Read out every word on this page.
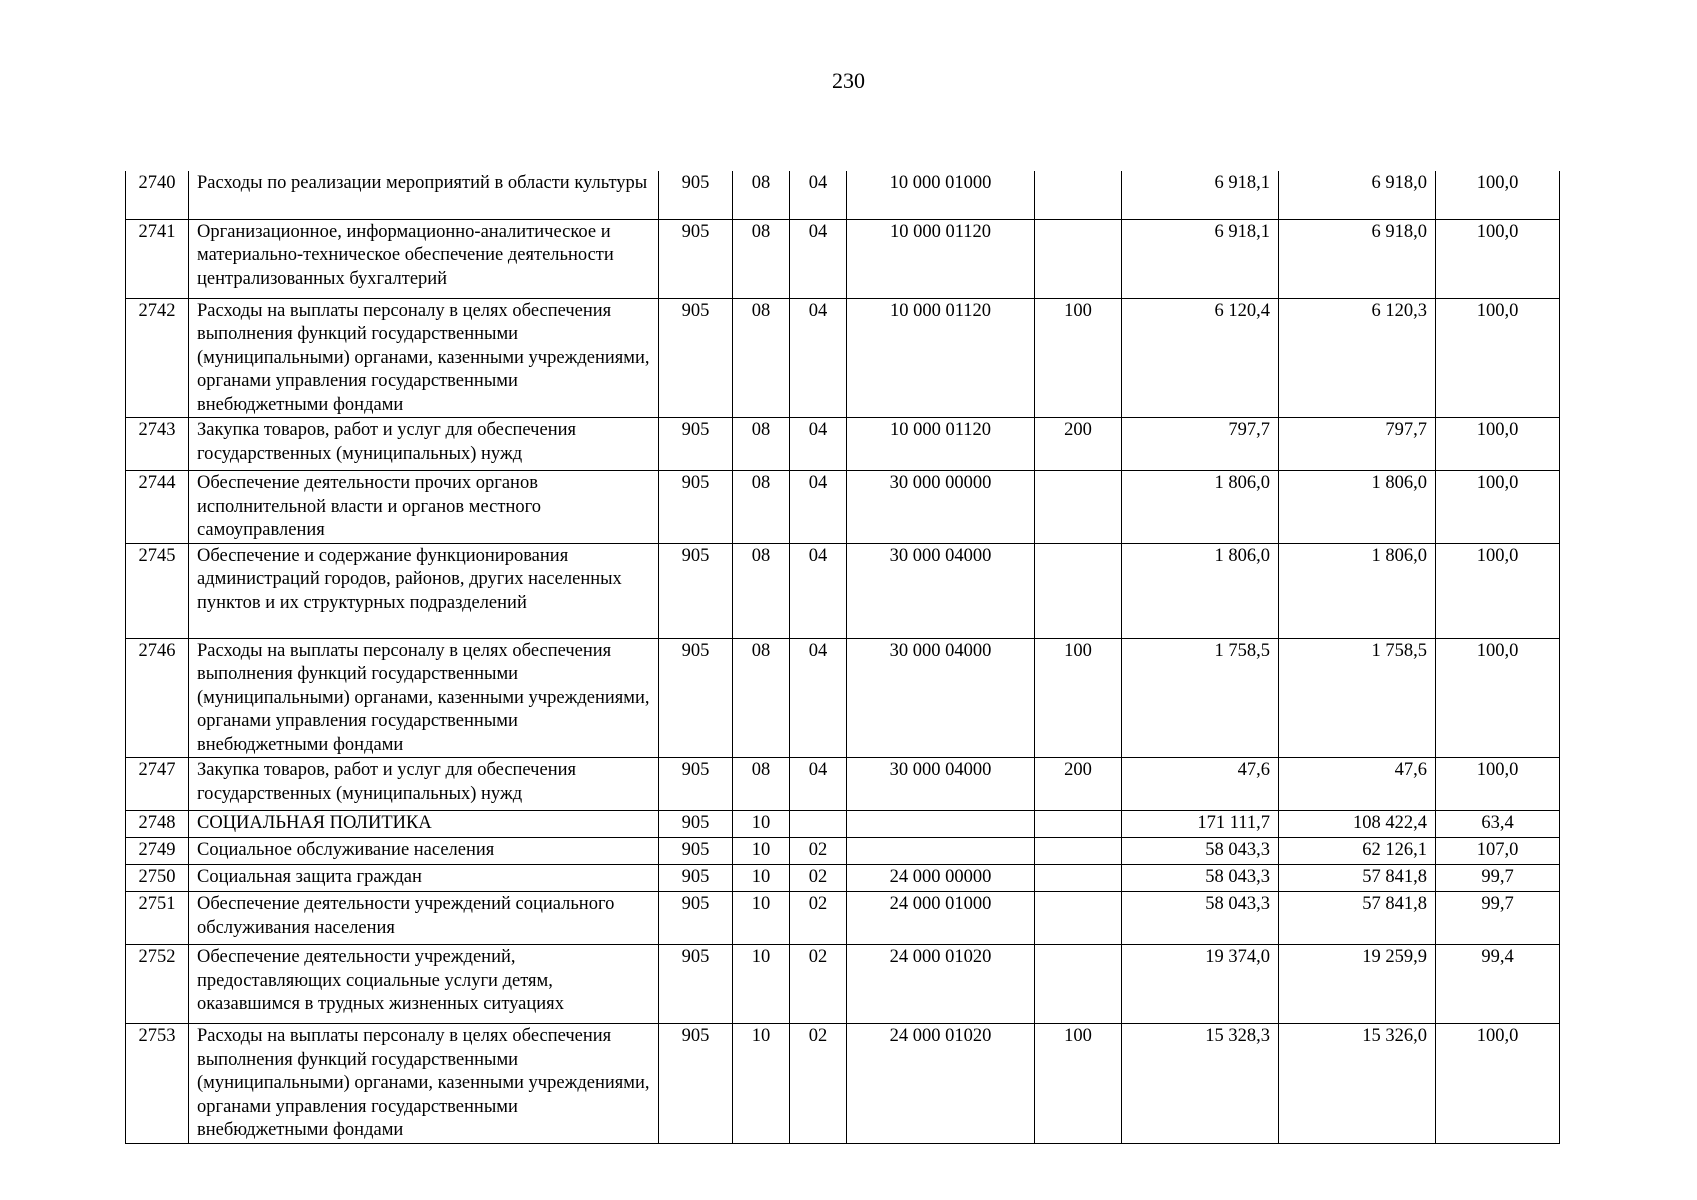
230
2740	Расходы по реализации мероприятий в области культуры	905	08	04	10 000 01000		6 918,1	6 918,0	100,0
2741	Организационное, информационно-аналитическое и материально-техническое обеспечение деятельности централизованных бухгалтерий	905	08	04	10 000 01120		6 918,1	6 918,0	100,0
2742	Расходы на выплаты персоналу в целях обеспечения выполнения функций государственными (муниципальными) органами, казенными учреждениями, органами управления государственными внебюджетными фондами	905	08	04	10 000 01120	100	6 120,4	6 120,3	100,0
2743	Закупка товаров, работ и услуг для обеспечения государственных (муниципальных) нужд	905	08	04	10 000 01120	200	797,7	797,7	100,0
2744	Обеспечение деятельности прочих органов исполнительной власти и органов местного самоуправления	905	08	04	30 000 00000		1 806,0	1 806,0	100,0
2745	Обеспечение и содержание функционирования администраций городов, районов, других населенных пунктов и их структурных подразделений	905	08	04	30 000 04000		1 806,0	1 806,0	100,0
2746	Расходы на выплаты персоналу в целях обеспечения выполнения функций государственными (муниципальными) органами, казенными учреждениями, органами управления государственными внебюджетными фондами	905	08	04	30 000 04000	100	1 758,5	1 758,5	100,0
2747	Закупка товаров, работ и услуг для обеспечения государственных (муниципальных) нужд	905	08	04	30 000 04000	200	47,6	47,6	100,0
2748	СОЦИАЛЬНАЯ ПОЛИТИКА	905	10				171 111,7	108 422,4	63,4
2749	Социальное обслуживание населения	905	10	02			58 043,3	62 126,1	107,0
2750	Социальная защита граждан	905	10	02	24 000 00000		58 043,3	57 841,8	99,7
2751	Обеспечение деятельности учреждений социального обслуживания населения	905	10	02	24 000 01000		58 043,3	57 841,8	99,7
2752	Обеспечение деятельности учреждений, предоставляющих социальные услуги детям, оказавшимся в трудных жизненных ситуациях	905	10	02	24 000 01020		19 374,0	19 259,9	99,4
2753	Расходы на выплаты персоналу в целях обеспечения выполнения функций государственными (муниципальными) органами, казенными учреждениями, органами управления государственными внебюджетными фондами	905	10	02	24 000 01020	100	15 328,3	15 326,0	100,0
